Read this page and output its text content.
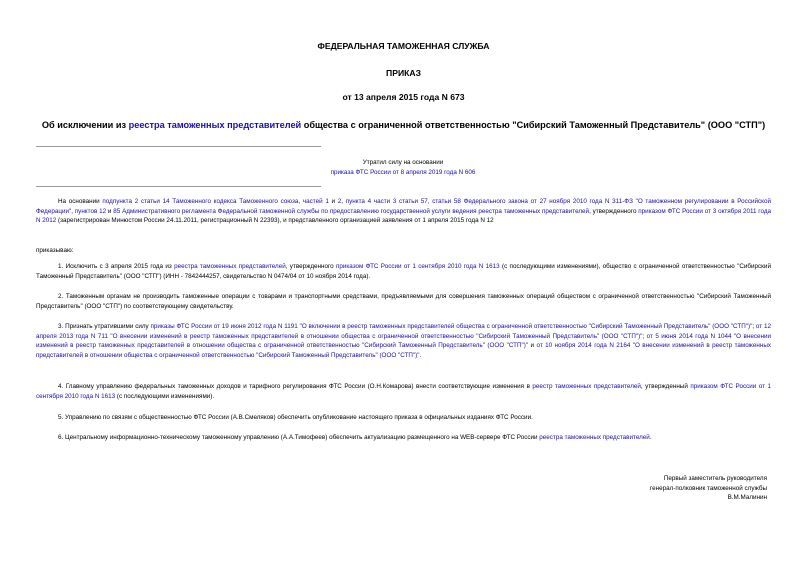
ФЕДЕРАЛЬНАЯ ТАМОЖЕННАЯ СЛУЖБА
ПРИКАЗ
от 13 апреля 2015 года N 673
Об исключении из реестра таможенных представителей общества с ограниченной ответственностью "Сибирский Таможенный Представитель" (ООО "СТП")
Утратил силу на основании
приказа ФТС России от 8 апреля 2019 года N 606
На основании подпункта 2 статьи 14 Таможенного кодекса Таможенного союза, частей 1 и 2, пункта 4 части 3 статьи 57, статьи 58 Федерального закона от 27 ноября 2010 года N 311-ФЗ "О таможенном регулировании в Российской Федерации", пунктов 12 и 85 Административного регламента Федеральной таможенной службы по предоставлению государственной услуги ведения реестра таможенных представителей, утвержденного приказом ФТС России от 3 октября 2011 года N 2012 (зарегистрирован Минюстом России 24.11.2011, регистрационный N 22393), и представленного организацией заявления от 1 апреля 2015 года N 12
приказываю:
1. Исключить с 3 апреля 2015 года из реестра таможенных представителей, утвержденного приказом ФТС России от 1 сентября 2010 года N 1613 (с последующими изменениями), общество с ограниченной ответственностью "Сибирский Таможенный Представитель" (ООО "СТП") (ИНН - 7842444257, свидетельство N 0474/04 от 10 ноября 2014 года).
2. Таможенным органам не производить таможенные операции с товарами и транспортными средствами, предъявляемыми для совершения таможенных операций обществом с ограниченной ответственностью "Сибирский Таможенный Представитель" (ООО "СТП") по соответствующему свидетельству.
3. Признать утратившими силу приказы ФТС России от 19 июня 2012 года N 1191 "О включении в реестр таможенных представителей общества с ограниченной ответственностью "Сибирский Таможенный Представитель" (ООО "СТП")"; от 12 апреля 2013 года N 711 "О внесении изменений в реестр таможенных представителей в отношении общества с ограниченной ответственностью "Сибирский Таможенный Представитель" (ООО "СТП")"; от 5 июня 2014 года N 1044 "О внесении изменений в реестр таможенных представителей в отношении общества с ограниченной ответственностью "Сибирский Таможенный Представитель" (ООО "СТП")" и от 10 ноября 2014 года N 2164 "О внесении изменений в реестр таможенных представителей в отношении общества с ограниченной ответственностью "Сибирский Таможенный Представитель" (ООО "СТП")".
4. Главному управлению федеральных таможенных доходов и тарифного регулирования ФТС России (О.Н.Комарова) внести соответствующие изменения в реестр таможенных представителей, утвержденный приказом ФТС России от 1 сентября 2010 года N 1613 (с последующими изменениями).
5. Управлению по связям с общественностью ФТС России (А.В.Смеляков) обеспечить опубликование настоящего приказа в официальных изданиях ФТС России.
6. Центральному информационно-техническому таможенному управлению (А.А.Тимофеев) обеспечить актуализацию размещенного на WEB-сервере ФТС России реестра таможенных представителей.
Первый заместитель руководителя
генерал-полковник таможенной службы
В.М.Малинин
